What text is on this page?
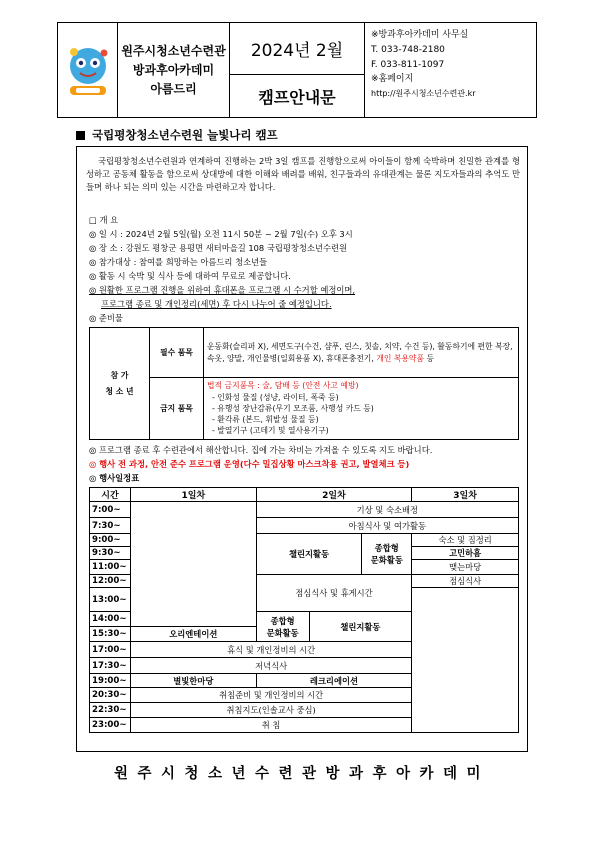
원주시청소년수련관
방과후아카데미
아름드리
2024년 2월
캠프안내문
※방과후아카데미 사무실
T. 033-748-2180
F. 033-811-1097
※홈페이지
http://원주시청소년수련관.kr
국립평창청소년수련원 늘빛나리 캠프

국립평창청소년수련원과 연계하여 진행하는 2박 3일 캠프를 진행함으로써 아이들이 함께 숙박하며 친밀한 관계를 형성하고 공동체 활동을 함으로써 상대방에 대한 이해와 배려를 배워, 친구들과의 유대관계는 물론 지도자들과의 추억도 만들며 하나 되는 의미 있는 시간을 마련하고자 합니다.

□ 개 요
◎ 일 시 : 2024년 2월 5일(월) 오전 11시 50분 ~ 2월 7일(수) 오후 3시
◎ 장 소 : 강원도 평창군 용평면 새터마을길 108 국립평창청소년수련원
◎ 참가대상 : 참여를 희망하는 아름드리 청소년들
◎ 활동 시 숙박 및 식사 등에 대하여 무료로 제공합니다.
◎ 원활한 프로그램 진행을 위하여 휴대폰을 프로그램 시 수거할 예정이며,
프로그램 종료 및 개인정리(세면) 후 다시 나누어 줄 예정입니다.
◎ 준비물
참 가
청 소 년	필수 품목	운동화(슬리퍼 X), 세면도구(수건, 샴푸, 린스, 칫솔, 치약, 수건 등), 활동하기에 편한 복장, 속옷, 양말, 개인물병(일회용품 X), 휴대폰충전기, 개인 복용약품 등
	금지 품목	법적 금지품목 : 술, 담배 등 (안전 사고 예방)
- 인화성 물질 (성냥, 라이터, 폭죽 등)
- 유행성 장난감류(무기 모조품, 사행성 카드 등)
- 환각류 (본드, 휘발성 물질 등)
- 발열기구 (고데기 및 열사용기구)
◎ 프로그램 종료 후 수련관에서 해산합니다. 집에 가는 차비는 가져올 수 있도록 지도 바랍니다.
◎ 행사 전 과정, 안전 준수 프로그램 운영(다수 밀집상황 마스크착용 권고, 발열체크 등)
◎ 행사일정표
시간	1일차	2일차			3일차
7:00~		기상 및 숙소배정			
7:30~		아침식사 및 여가활동			
9:00~		챌린지활동		종합형
문화활동	숙소 및 짐정리
9:30~					고민하흠
11:00~					맺는마당
12:00~		점심식사 및 휴게시간			점심식사
13:00~					
14:00~		종합형
문화활동	챌린지활동		
15:30~	오리엔테이션				
17:00~	휴식 및 개인정비의 시간				
17:30~	저녁식사				
19:00~	별빛한마당	레크리에이션			
20:30~	취침준비 및 개인정비의 시간				
22:30~	취침지도(인솔교사 중심)				
23:00~	취 침				
원주시청소년수련관방과후아카데미
